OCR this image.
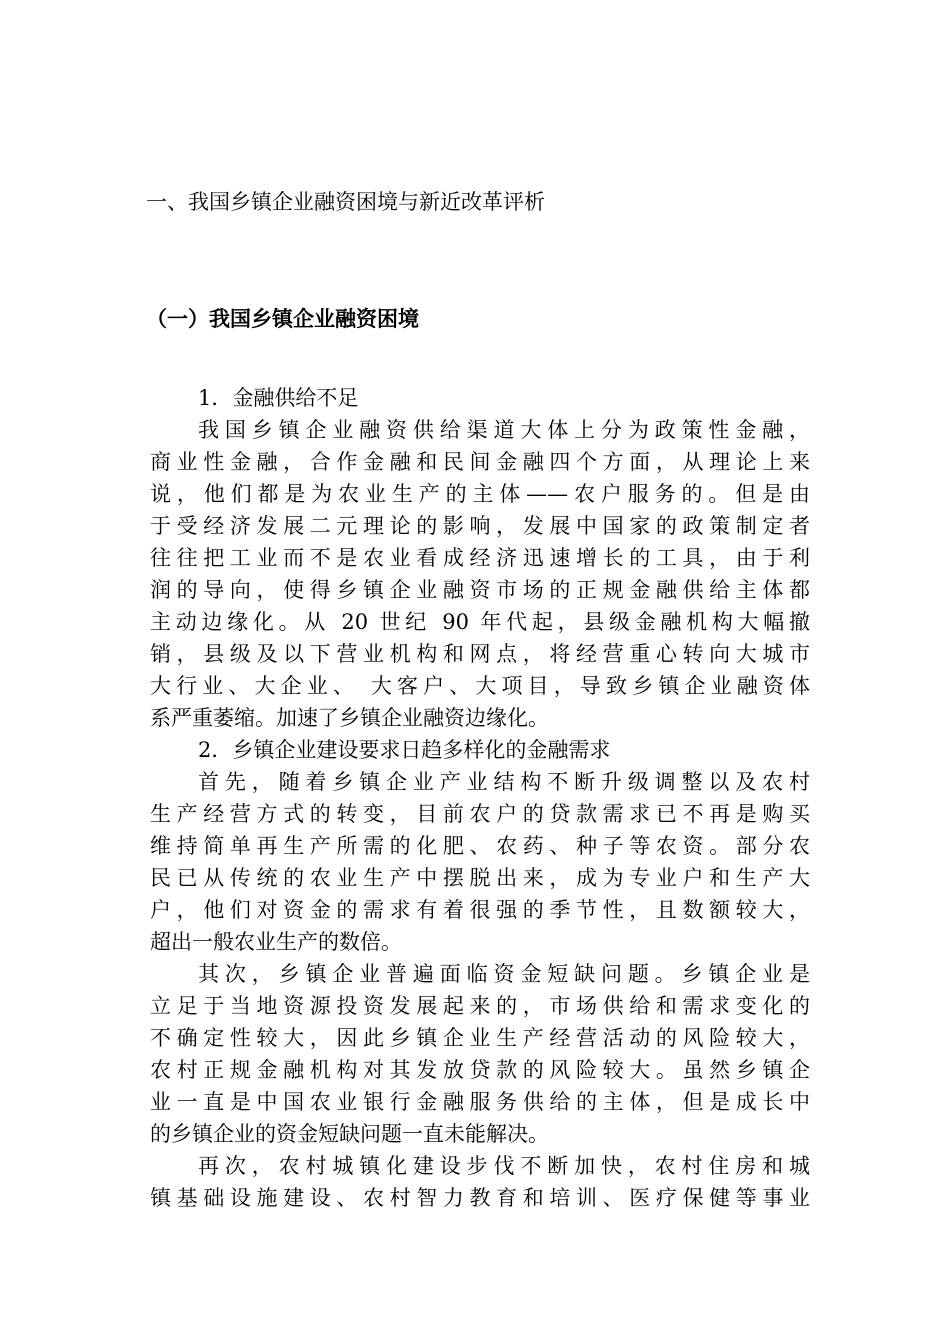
一、我国乡镇企业融资困境与新近改革评析
（一）我国乡镇企业融资困境
1．金融供给不足
我国乡镇企业融资供给渠道大体上分为政策性金融，
商业性金融，合作金融和民间金融四个方面，从理论上来
说，他们都是为农业生产的主体——农户服务的。但是由
于受经济发展二元理论的影响，发展中国家的政策制定者
往往把工业而不是农业看成经济迅速增长的工具，由于利
润的导向，使得乡镇企业融资市场的正规金融供给主体都
主动边缘化。从 20 世纪 90 年代起，县级金融机构大幅撤
销，县级及以下营业机构和网点，将经营重心转向大城市
大行业、大企业、 大客户、大项目，导致乡镇企业融资体
系严重萎缩。加速了乡镇企业融资边缘化。
2．乡镇企业建设要求日趋多样化的金融需求
首先，随着乡镇企业产业结构不断升级调整以及农村
生产经营方式的转变，目前农户的贷款需求已不再是购买
维持简单再生产所需的化肥、农药、种子等农资。部分农
民已从传统的农业生产中摆脱出来，成为专业户和生产大
户，他们对资金的需求有着很强的季节性，且数额较大，
超出一般农业生产的数倍。
其次，乡镇企业普遍面临资金短缺问题。乡镇企业是
立足于当地资源投资发展起来的，市场供给和需求变化的
不确定性较大，因此乡镇企业生产经营活动的风险较大，
农村正规金融机构对其发放贷款的风险较大。虽然乡镇企
业一直是中国农业银行金融服务供给的主体，但是成长中
的乡镇企业的资金短缺问题一直未能解决。
再次，农村城镇化建设步伐不断加快，农村住房和城
镇基础设施建设、农村智力教育和培训、医疗保健等事业
